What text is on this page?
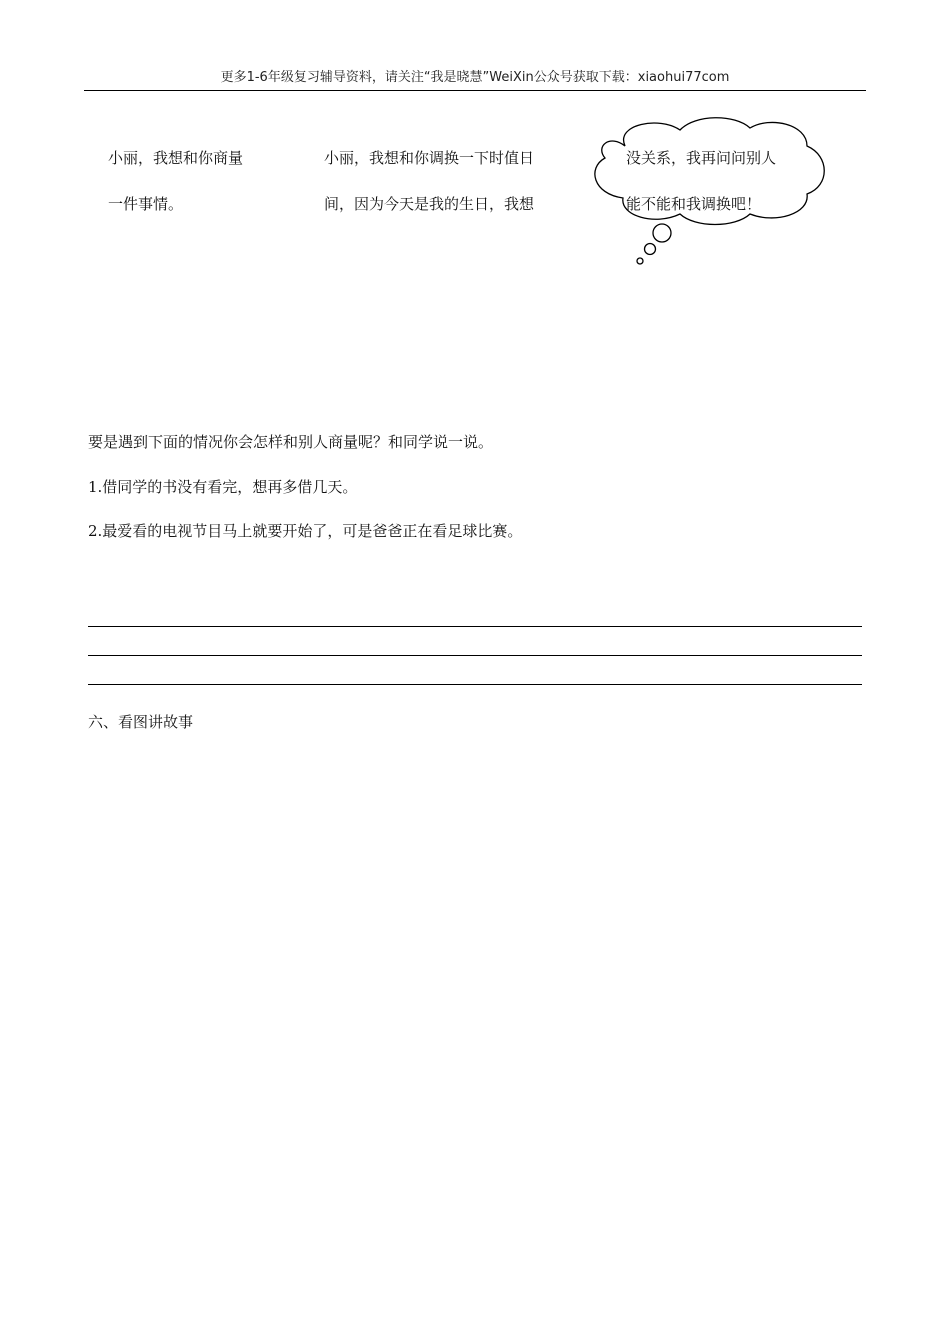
更多1-6年级复习辅导资料，请关注“我是晓慧”WeiXin公众号获取下载：xiaohui77com
小丽，我想和你商量
一件事情。
小丽，我想和你调换一下时值日
间，因为今天是我的生日，我想
没关系，我再问问别人
能不能和我调换吧！
要是遇到下面的情况你会怎样和别人商量呢？和同学说一说。
1.借同学的书没有看完，想再多借几天。
2.最爱看的电视节目马上就要开始了，可是爸爸正在看足球比赛。
六、看图讲故事
